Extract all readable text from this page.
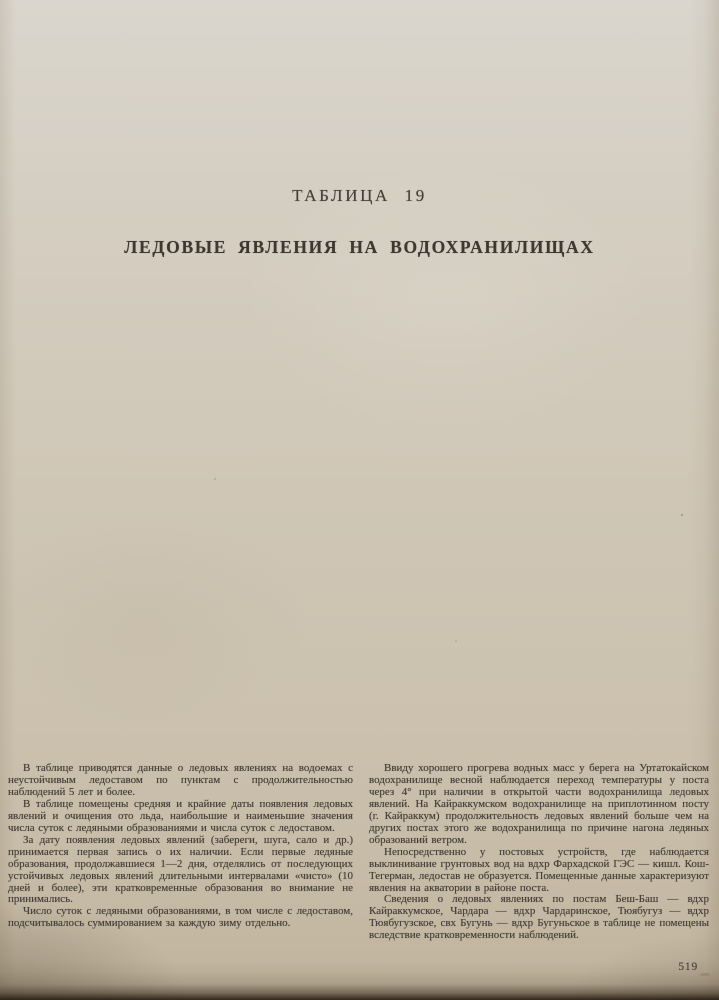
ТАБЛИЦА 19
ЛЕДОВЫЕ ЯВЛЕНИЯ НА ВОДОХРАНИЛИЩАХ

В таблице приводятся данные о ледовых явлениях на водоемах с неустойчивым ледоставом по пунктам с продолжительностью наблюдений 5 лет и более.

В таблице помещены средняя и крайние даты появления ледовых явлений и очищения ото льда, наибольшие и наименьшие значения числа суток с ледяными образованиями и числа суток с ледоставом.

За дату появления ледовых явлений (забереги, шуга, сало и др.) принимается первая запись о их наличии. Если первые ледяные образования, продолжавшиеся 1—2 дня, отделялись от последующих устойчивых ледовых явлений длительными интервалами «чисто» (10 дней и более), эти кратковременные образования во внимание не принимались.

Число суток с ледяными образованиями, в том числе с ледоставом, подсчитывалось суммированием за каждую зиму отдельно.

Ввиду хорошего прогрева водных масс у берега на Уртатокайском водохранилище весной наблюдается переход температуры у поста через 4° при наличии в открытой части водохранилища ледовых явлений. На Кайраккумском водохранилище на приплотинном посту (г. Кайраккум) продолжительность ледовых явлений больше чем на других постах этого же водохранилища по причине нагона ледяных образований ветром.

Непосредственно у постовых устройств, где наблюдается выклинивание грунтовых вод на вдхр Фархадской ГЭС — кишл. Кош-Тегерман, ледостав не образуется. Помещенные данные характеризуют явления на акватории в районе поста.

Сведения о ледовых явлениях по постам Беш-Баш — вдхр Кайраккумское, Чардара — вдхр Чардаринское, Тюябугуз — вдхр Тюябугузское, свх Бугунь — вдхр Бугуньское в таблице не помещены вследствие кратковременности наблюдений.

519
